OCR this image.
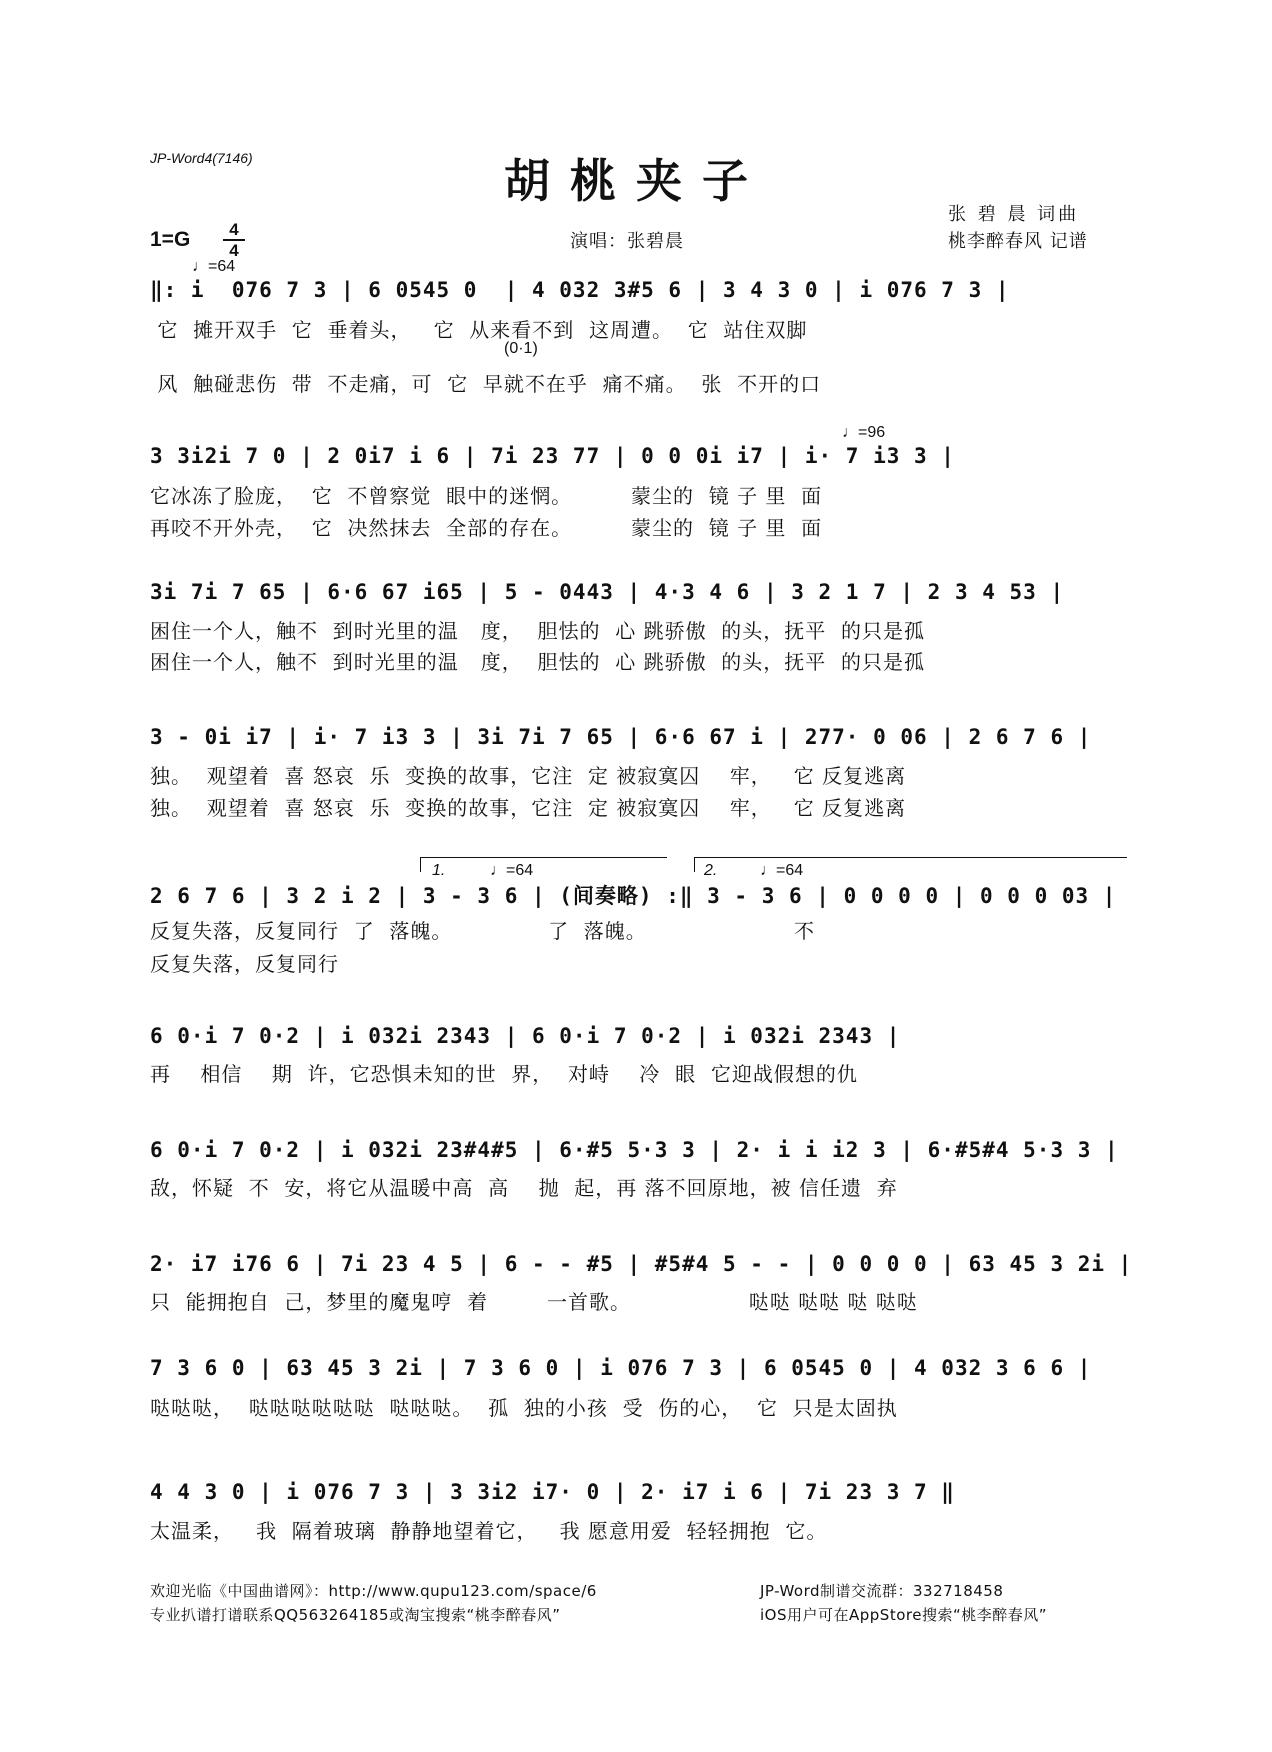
JP-Word4(7146)	胡桃夹子
张 碧 晨 词曲
桃李醉春风 记谱
1=G	4
4	演唱：张碧晨
♩=64
(0·1)
♩=96
‖: i  076 7 3 | 6 0545 0  | 4 032 3#5 6 | 3 4 3 0 | i 076 7 3 |
它  摊开双手  它  垂着头，   它  从来看不到  这周遭。  它  站住双脚
风  触碰悲伤  带  不走痛，可  它  早就不在乎  痛不痛。  张  不开的口
3 3i2i 7 0 | 2 0i7 i 6 | 7i 23 77 | 0 0 0i i7 | i· 7 i3 3 |
它冰冻了脸庞，  它  不曾察觉  眼中的迷惘。        蒙尘的  镜 子 里  面
再咬不开外壳，  它  决然抹去  全部的存在。        蒙尘的  镜 子 里  面
3i 7i 7 65 | 6·6 67 i65 | 5 - 0443 | 4·3 4 6 | 3 2 1 7 | 2 3 4 53 |
困住一个人，触不  到时光里的温   度，  胆怯的  心 跳骄傲  的头，抚平  的只是孤
困住一个人，触不  到时光里的温   度，  胆怯的  心 跳骄傲  的头，抚平  的只是孤
3 - 0i i7 | i· 7 i3 3 | 3i 7i 7 65 | 6·6 67 i | 277· 0 06 | 2 6 7 6 |
独。  观望着  喜 怒哀  乐  变换的故事，它注  定 被寂寞囚    牢，   它 反复逃离
独。  观望着  喜 怒哀  乐  变换的故事，它注  定 被寂寞囚    牢，   它 反复逃离
1.	♩=64	2.	♩=64
2 6 7 6 | 3 2 i 2 | 3 - 3 6 | (间奏略) :‖ 3 - 3 6 | 0 0 0 0 | 0 0 0 03 |
反复失落，反复同行  了  落魄。             了  落魄。                    不
反复失落，反复同行
6 0·i 7 0·2 | i 032i 2343 | 6 0·i 7 0·2 | i 032i 2343 |
再    相信    期  许，它恐惧未知的世  界，  对峙    冷  眼  它迎战假想的仇
6 0·i 7 0·2 | i 032i 23#4#5 | 6·#5 5·3 3 | 2· i i i2 3 | 6·#5#4 5·3 3 |
敌，怀疑  不  安，将它从温暖中高  高    抛  起，再 落不回原地，被 信任遗  弃
2· i7 i76 6 | 7i 23 4 5 | 6 - - #5 | #5#4 5 - - | 0 0 0 0 | 63 45 3 2i |
只  能拥抱自  己，梦里的魔鬼哼  着        一首歌。                哒哒 哒哒 哒 哒哒
7 3 6 0 | 63 45 3 2i | 7 3 6 0 | i 076 7 3 | 6 0545 0 | 4 032 3 6 6 |
哒哒哒，  哒哒哒哒哒哒  哒哒哒。  孤  独的小孩  受  伤的心，  它  只是太固执
4 4 3 0 | i 076 7 3 | 3 3i2 i7· 0 | 2· i7 i 6 | 7i 23 3 7 ‖
太温柔，   我  隔着玻璃  静静地望着它，   我 愿意用爱  轻轻拥抱  它。
欢迎光临《中国曲谱网》：http://www.qupu123.com/space/6
专业扒谱打谱联系QQ563264185或淘宝搜索“桃李醉春风”
JP-Word制谱交流群：332718458
iOS用户可在AppStore搜索“桃李醉春风”
